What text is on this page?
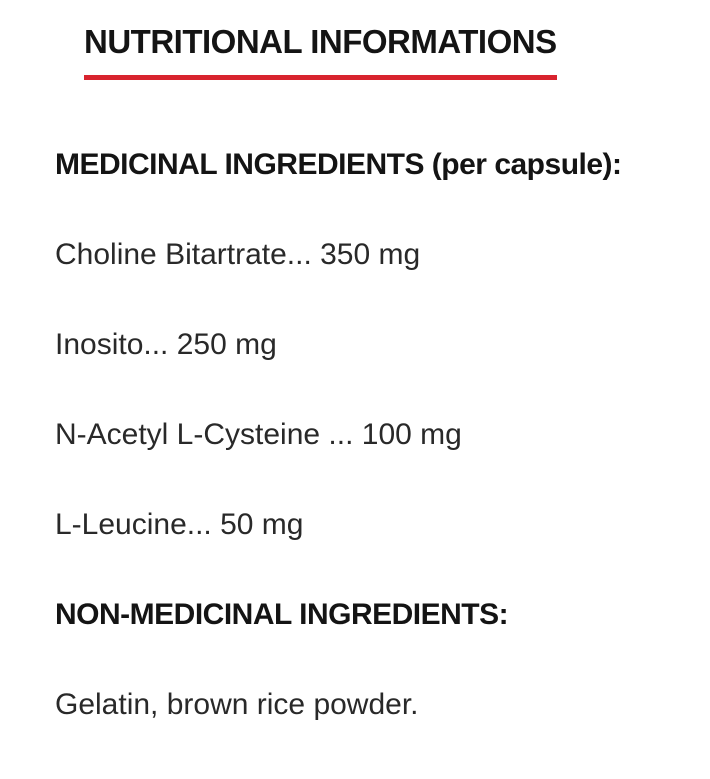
NUTRITIONAL INFORMATIONS

MEDICINAL INGREDIENTS (per capsule):

Choline Bitartrate... 350 mg

Inosito... 250 mg

N-Acetyl L-Cysteine ... 100 mg

L-Leucine... 50 mg

NON-MEDICINAL INGREDIENTS:

Gelatin, brown rice powder.
